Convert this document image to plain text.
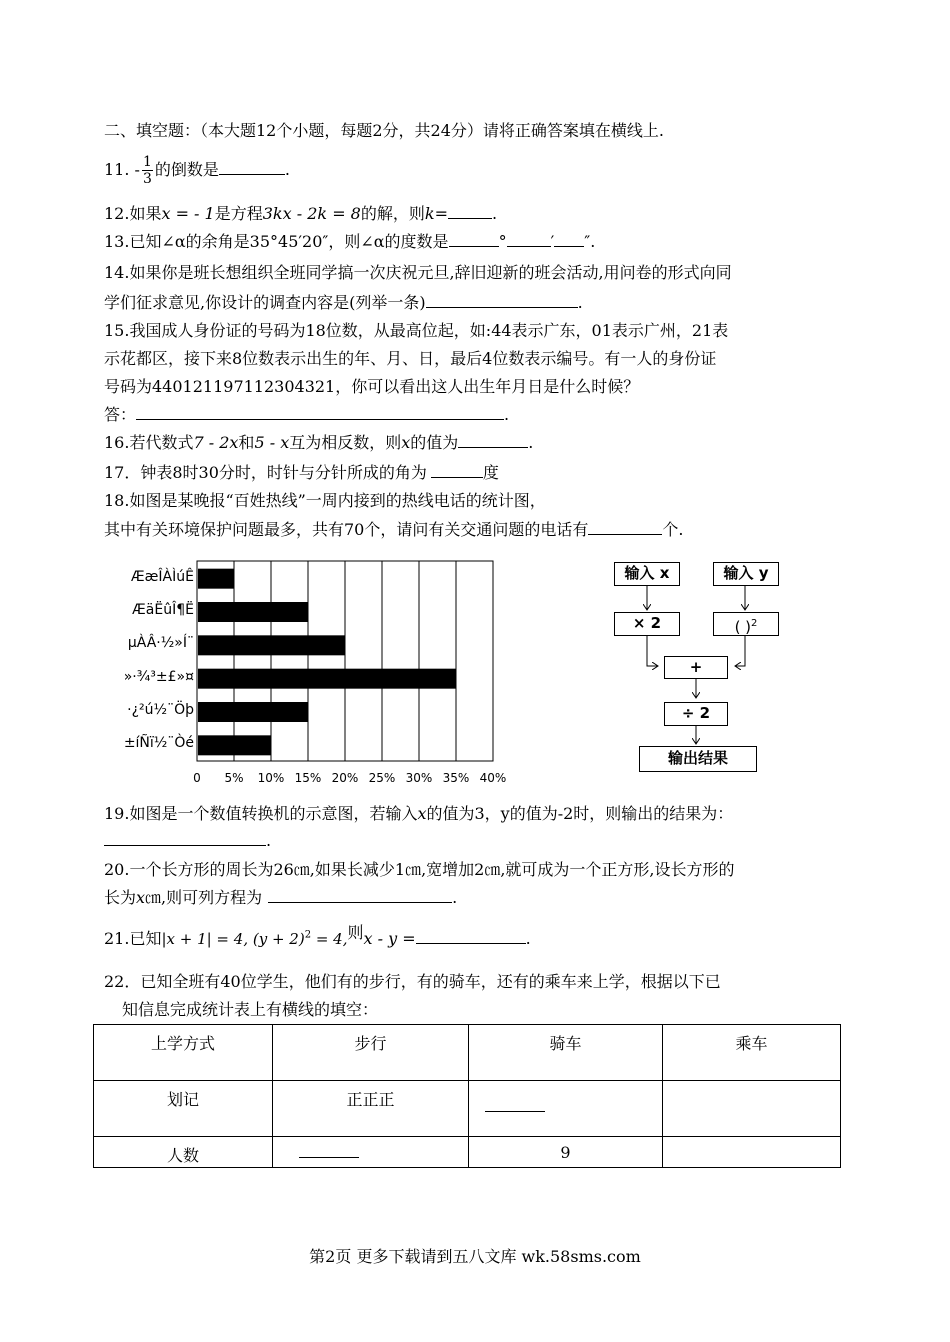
二、填空题：（本大题12个小题，每题2分，共24分）请将正确答案填在横线上.
11. - $\frac{1}{3}$ 的倒数是	.
12.如果x = - 1是方程3kx - 2k = 8的解，则k=	.
13.已知∠α的余角是35°45′20″，则∠α的度数是	°	′ ″.
14.如果你是班长想组织全班同学搞一次庆祝元旦,辞旧迎新的班会活动,用问卷的形式向同
学们征求意见,你设计的调查内容是(列举一条)	.
15.我国成人身份证的号码为18位数，从最高位起，如:44表示广东，01表示广州，21表
示花都区，接下来8位数表示出生的年、月、日，最后4位数表示编号。有一人的身份证
号码为440121197112304321，你可以看出这人出生年月日是什么时候？
答：	.
16.若代数式7 - 2x和5 - x互为相反数，则x的值为	.
17．钟表8时30分时，时针与分针所成的角为	度
18.如图是某晚报“百姓热线”一周内接到的热线电话的统计图，
其中有关环境保护问题最多，共有70个，请问有关交通问题的电话有	个.
0 5% 10% 15% 20% 25% 30% 35% 40%
ÆæÎÀÌúÊ
ÆäËûÎ¶Ë
µÀÂ·½»Í¨
»·¾³±£»¤
·¿²ú½¨Öþ
±íÑï½¨Òé
输入 x	输入 y
× 2	( )$^2$
+
÷ 2
输出结果
19.如图是一个数值转换机的示意图，若输入x的值为3，y的值为-2时，则输出的结果为：
.
20.一个长方形的周长为26㎝,如果长减少1㎝,宽增加2㎝,就可成为一个正方形,设长方形的
长为x㎝,则可列方程为	.
21.已知|x + 1| = 4, $(y + 2)^2 = 4$,则x - y =	.
22．已知全班有40位学生，他们有的步行，有的骑车，还有的乘车来上学，根据以下已
知信息完成统计表上有横线的填空：
上学方式	步行	骑车	乘车
划记	正正正		
人数		9	
第2页 更多下载请到五八文库 wk.58sms.com
